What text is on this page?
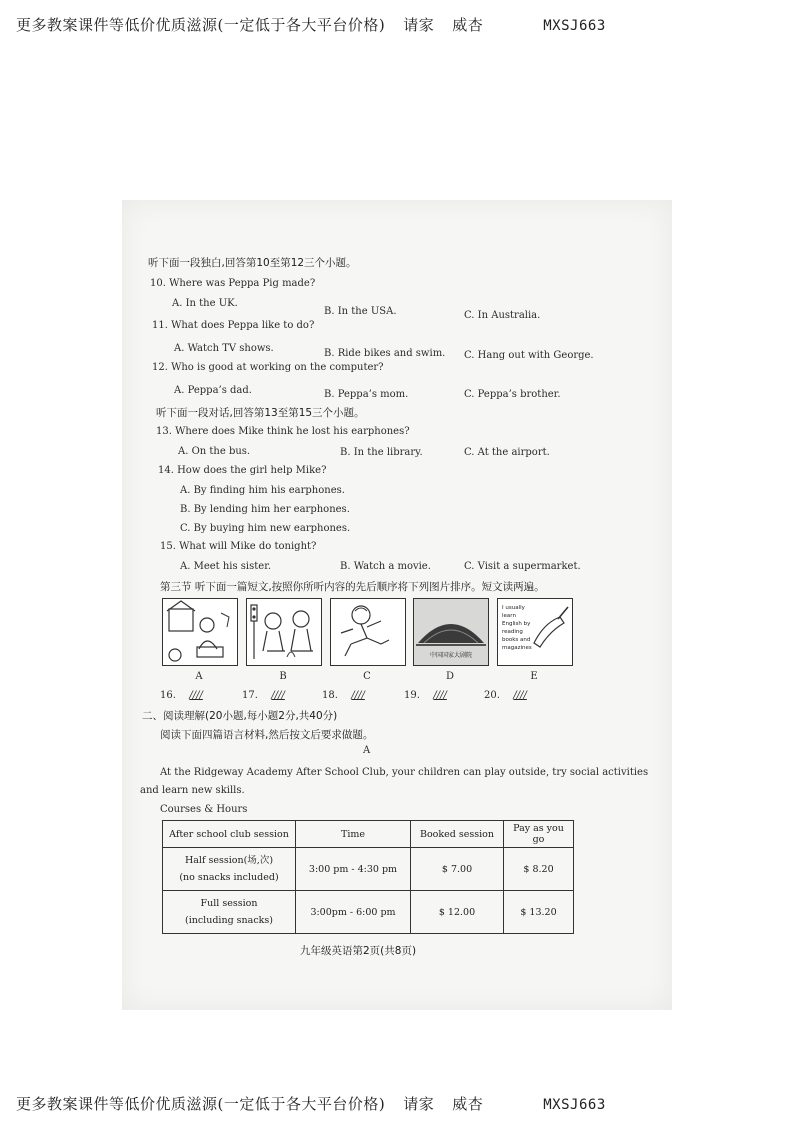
更多教案课件等低价优质滋源(一定低于各大平台价格) 请家 威杏	MXSJ663
听下面一段独白,回答第10至第12三个小题。
10. Where was Peppa Pig made?
A. In the UK.
B. In the USA.	C. In Australia.
11. What does Peppa like to do?
A. Watch TV shows.	B. Ride bikes and swim. C. Hang out with George.
12. Who is good at working on the computer?
A. Peppa’s dad.	B. Peppa’s mom.	C. Peppa’s brother.
听下面一段对话,回答第13至第15三个小题。
13. Where does Mike think he lost his earphones?
A. On the bus.	B. In the library.	C. At the airport.
14. How does the girl help Mike?
A. By finding him his earphones.
B. By lending him her earphones.
C. By buying him new earphones.
15. What will Mike do tonight?
A. Meet his sister.	B. Watch a movie.	C. Visit a supermarket.
第三节 听下面一篇短文,按照你所听内容的先后顺序将下列图片排序。短文读两遍。
中国国家大剧院
I usually
learn
English by
reading
books and
magazines
A	B	C	D	E
16. ////	17. ////	18. ////	19. ////	20. ////
二、阅读理解(20小题,每小题2分,共40分)
阅读下面四篇语言材料,然后按文后要求做题。
A
At the Ridgeway Academy After School Club, your children can play outside, try social activities
and learn new skills.
Courses & Hours
After school club session	Time	Booked session	Pay as you go
Half session(场,次)
(no snacks included)	3:00 pm - 4:30 pm	$ 7.00	$ 8.20
Full session
(including snacks)	3:00pm - 6:00 pm	$ 12.00	$ 13.20
九年级英语第2页(共8页)
更多教案课件等低价优质滋源(一定低于各大平台价格) 请家 威杏	MXSJ663
